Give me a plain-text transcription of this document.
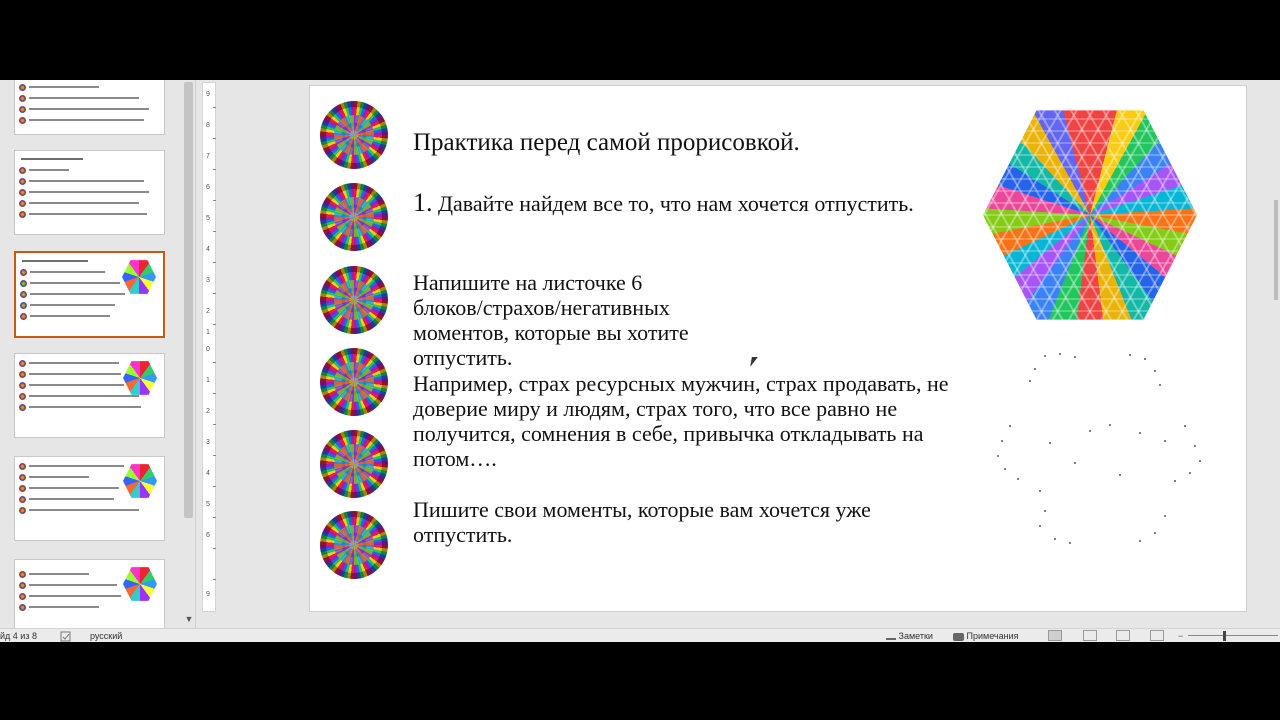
▼
9
8
7
6
5
4
3
2
1
0
1
2
3
4
5
6
9
Практика перед самой прорисовкой.
1. Давайте найдем все то, что нам хочется отпустить.
Напишите на листочке 6 блоков/страхов/негативных моментов, которые вы хотите отпустить.
Например, страх ресурсных мужчин, страх продавать, не доверие миру и людям, страх того, что все равно не получится, сомнения в себе, привычка откладывать на потом….
Пишите свои моменты, которые вам хочется уже отпустить.
йд 4 из 8	русский	Заметки	Примечания	−
